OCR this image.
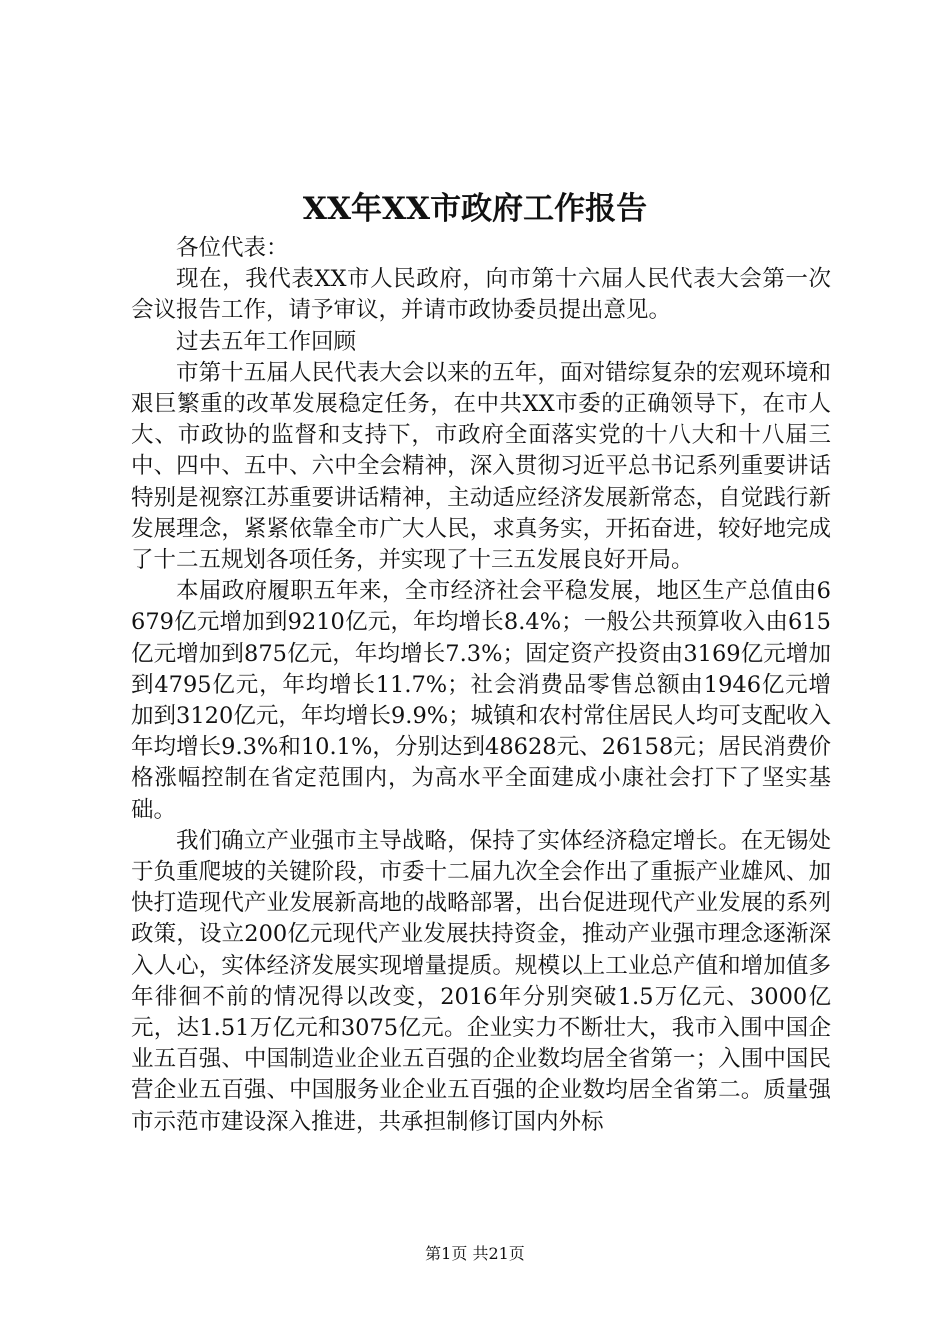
XX年XX市政府工作报告

各位代表：

现在，我代表XX市人民政府，向市第十六届人民代表大会第一次会议报告工作，请予审议，并请市政协委员提出意见。

过去五年工作回顾

市第十五届人民代表大会以来的五年，面对错综复杂的宏观环境和艰巨繁重的改革发展稳定任务，在中共XX市委的正确领导下，在市人大、市政协的监督和支持下，市政府全面落实党的十八大和十八届三中、四中、五中、六中全会精神，深入贯彻习近平总书记系列重要讲话特别是视察江苏重要讲话精神，主动适应经济发展新常态，自觉践行新发展理念，紧紧依靠全市广大人民，求真务实，开拓奋进，较好地完成了十二五规划各项任务，并实现了十三五发展良好开局。

本届政府履职五年来，全市经济社会平稳发展，地区生产总值由6679亿元增加到9210亿元，年均增长8.4%；一般公共预算收入由615亿元增加到875亿元，年均增长7.3%；固定资产投资由3169亿元增加到4795亿元，年均增长11.7%；社会消费品零售总额由1946亿元增加到3120亿元，年均增长9.9%；城镇和农村常住居民人均可支配收入年均增长9.3%和10.1%，分别达到48628元、26158元；居民消费价格涨幅控制在省定范围内，为高水平全面建成小康社会打下了坚实基础。

我们确立产业强市主导战略，保持了实体经济稳定增长。在无锡处于负重爬坡的关键阶段，市委十二届九次全会作出了重振产业雄风、加快打造现代产业发展新高地的战略部署，出台促进现代产业发展的系列政策，设立200亿元现代产业发展扶持资金，推动产业强市理念逐渐深入人心，实体经济发展实现增量提质。规模以上工业总产值和增加值多年徘徊不前的情况得以改变，2016年分别突破1.5万亿元、3000亿元，达1.51万亿元和3075亿元。企业实力不断壮大，我市入围中国企业五百强、中国制造业企业五百强的企业数均居全省第一；入围中国民营企业五百强、中国服务业企业五百强的企业数均居全省第二。质量强市示范市建设深入推进，共承担制修订国内外标

第1页 共21页
